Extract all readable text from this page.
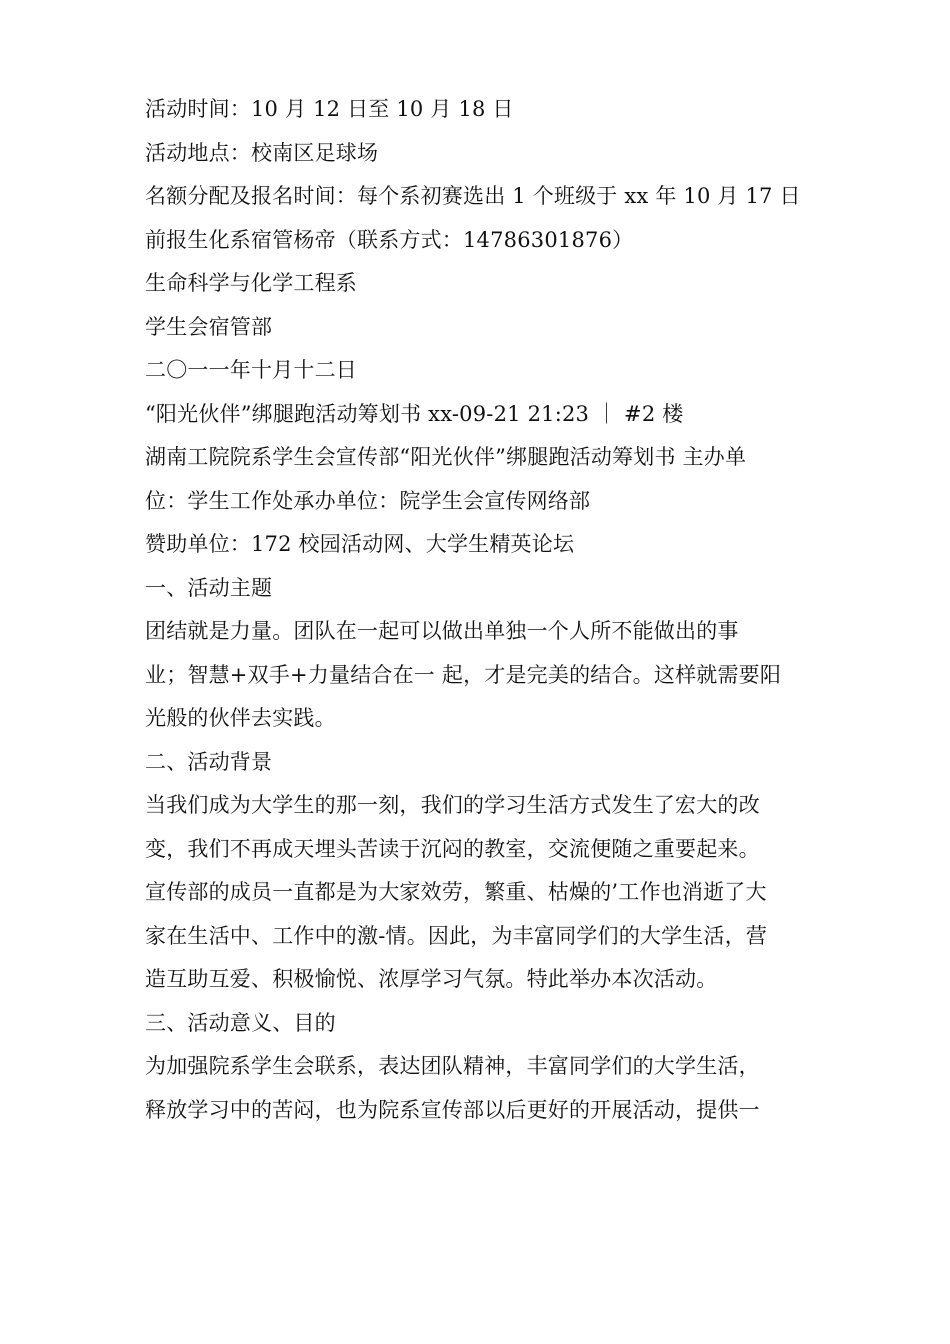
活动时间：10 月 12 日至 10 月 18 日
活动地点：校南区足球场
名额分配及报名时间：每个系初赛选出 1 个班级于 xx 年 10 月 17 日
前报生化系宿管杨帝（联系方式：14786301876）
生命科学与化学工程系
学生会宿管部
二〇一一年十月十二日
“阳光伙伴”绑腿跑活动筹划书 xx-09-21 21:23 ｜ #2 楼
湖南工院院系学生会宣传部“阳光伙伴”绑腿跑活动筹划书 主办单
位：学生工作处承办单位：院学生会宣传网络部
赞助单位：172 校园活动网、大学生精英论坛
一、活动主题
团结就是力量。团队在一起可以做出单独一个人所不能做出的事
业；智慧+双手+力量结合在一 起，才是完美的结合。这样就需要阳
光般的伙伴去实践。
二、活动背景
当我们成为大学生的那一刻，我们的学习生活方式发生了宏大的改
变，我们不再成天埋头苦读于沉闷的教室，交流便随之重要起来。
宣传部的成员一直都是为大家效劳，繁重、枯燥的’工作也消逝了大
家在生活中、工作中的激-情。因此，为丰富同学们的大学生活，营
造互助互爱、积极愉悦、浓厚学习气氛。特此举办本次活动。
三、活动意义、目的
为加强院系学生会联系，表达团队精神，丰富同学们的大学生活，
释放学习中的苦闷，也为院系宣传部以后更好的开展活动，提供一
